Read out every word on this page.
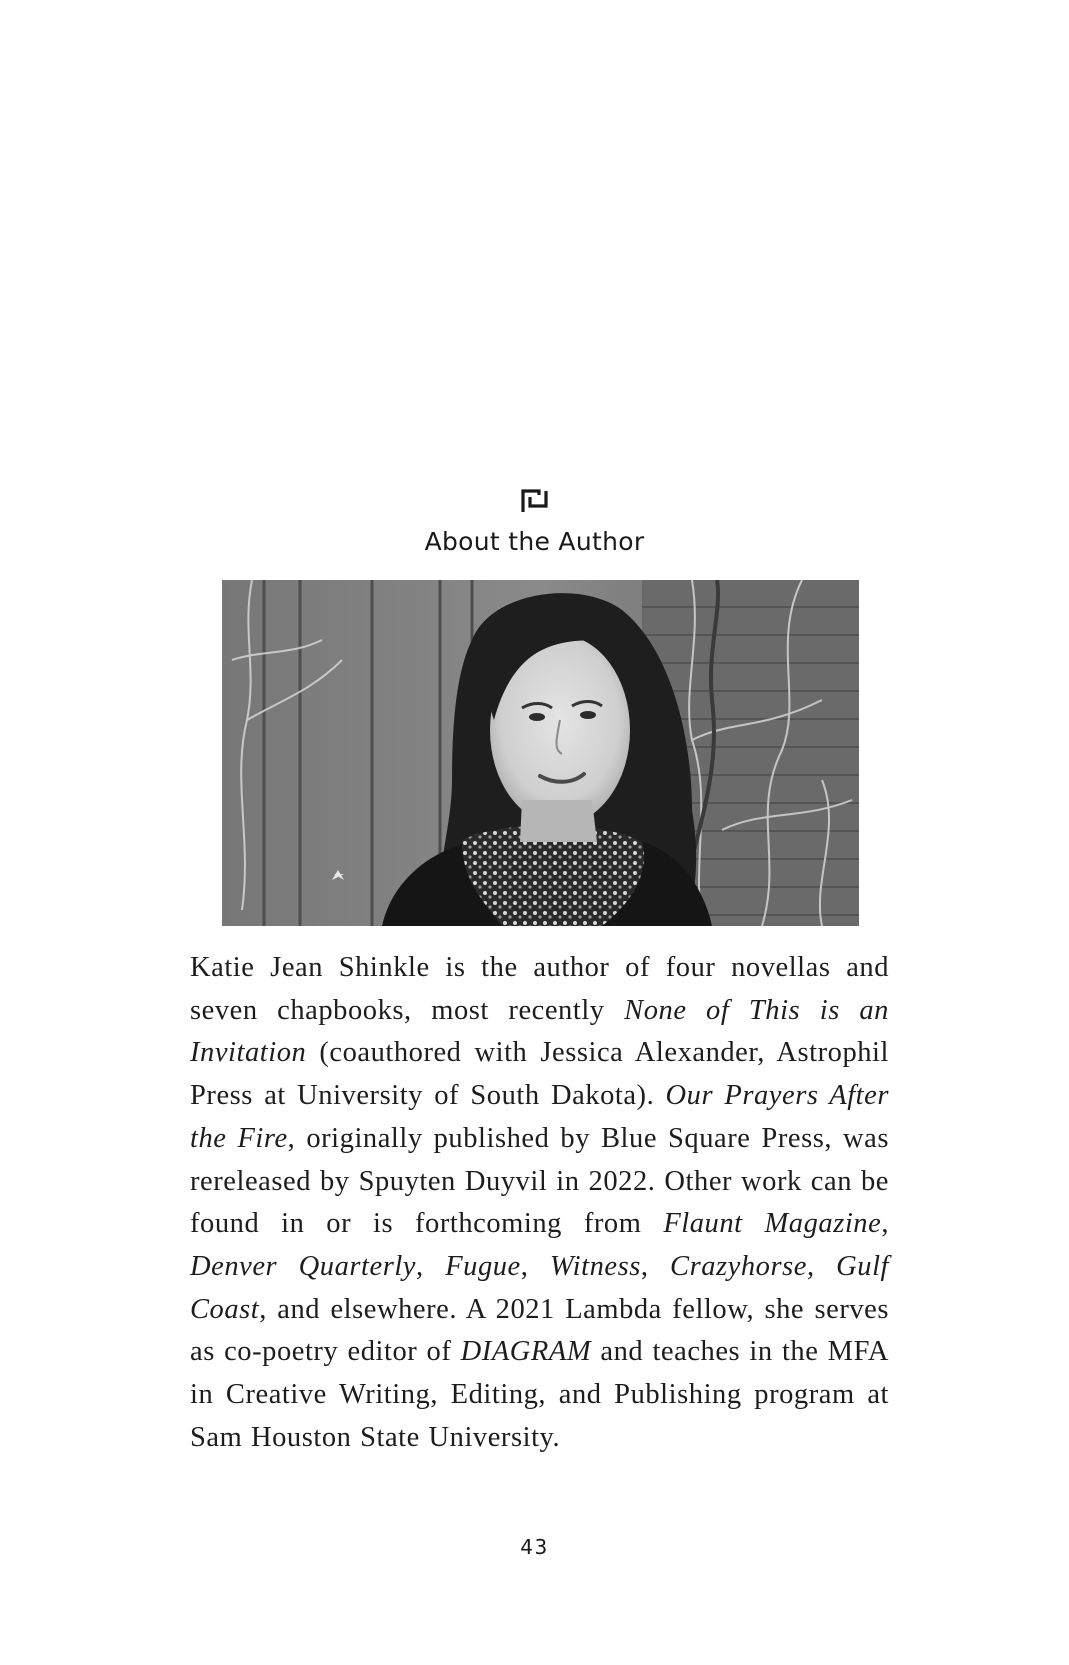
About the Author

Katie Jean Shinkle is the author of four novellas and seven chapbooks, most recently None of This is an Invitation (coauthored with Jessica Alexander, Astrophil Press at University of South Dakota). Our Prayers After the Fire, originally published by Blue Square Press, was rereleased by Spuyten Duyvil in 2022. Other work can be found in or is forthcoming from Flaunt Magazine, Denver Quarterly, Fugue, Witness, Crazyhorse, Gulf Coast, and elsewhere. A 2021 Lambda fellow, she serves as co-poetry editor of DIAGRAM and teaches in the MFA in Creative Writing, Editing, and Publishing program at Sam Houston State University.

43
